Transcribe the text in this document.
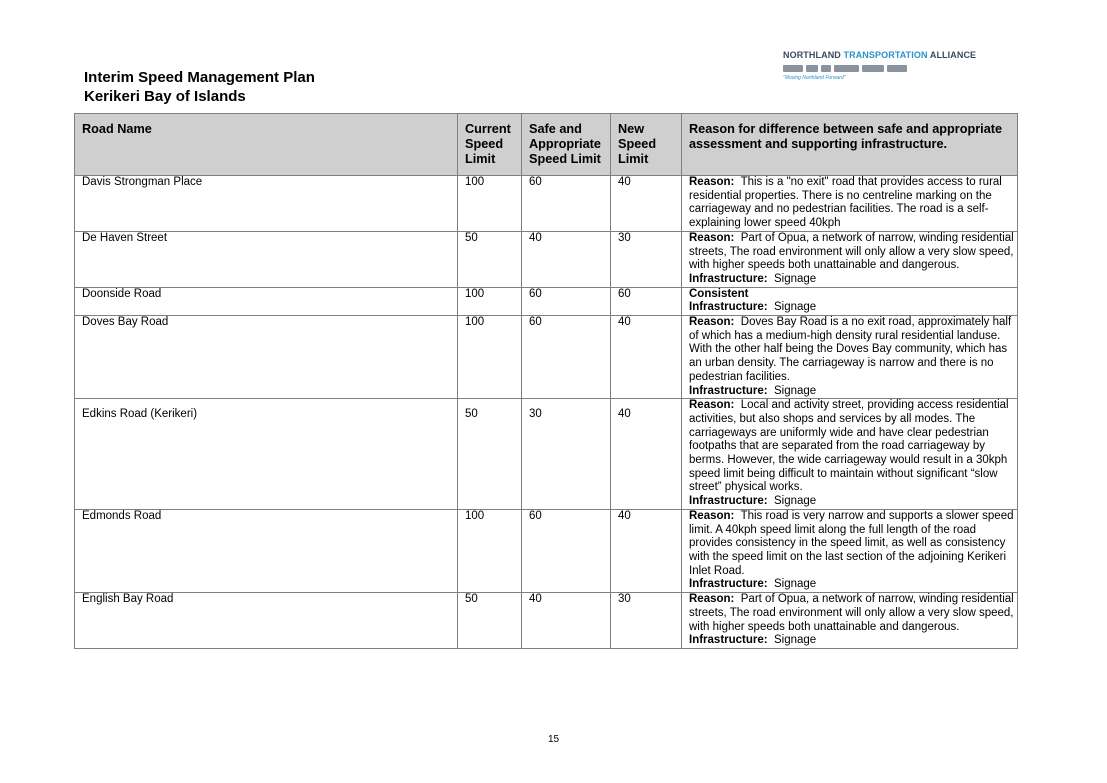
Interim Speed Management Plan
Kerikeri Bay of Islands
NORTHLAND TRANSPORTATION ALLIANCE
"Moving Northland Forward"
Road Name	Current Speed Limit	Safe and Appropriate Speed Limit	New Speed Limit	Reason for difference between safe and appropriate assessment and supporting infrastructure.
Davis Strongman Place	100	60	40	Reason: This is a "no exit" road that provides access to rural residential properties. There is no centreline marking on the carriageway and no pedestrian facilities. The road is a self-explaining lower speed 40kph
De Haven Street	50	40	30	Reason: Part of Opua, a network of narrow, winding residential streets, The road environment will only allow a very slow speed, with higher speeds both unattainable and dangerous.
Infrastructure: Signage
Doonside Road	100	60	60	Consistent
Infrastructure: Signage
Doves Bay Road	100	60	40	Reason: Doves Bay Road is a no exit road, approximately half of which has a medium-high density rural residential landuse. With the other half being the Doves Bay community, which has an urban density. The carriageway is narrow and there is no pedestrian facilities.
Infrastructure: Signage
Edkins Road (Kerikeri)	50	30	40	Reason: Local and activity street, providing access residential activities, but also shops and services by all modes. The carriageways are uniformly wide and have clear pedestrian footpaths that are separated from the road carriageway by berms. However, the wide carriageway would result in a 30kph speed limit being difficult to maintain without significant “slow street” physical works.
Infrastructure: Signage
Edmonds Road	100	60	40	Reason: This road is very narrow and supports a slower speed limit. A 40kph speed limit along the full length of the road provides consistency in the speed limit, as well as consistency with the speed limit on the last section of the adjoining Kerikeri Inlet Road.
Infrastructure: Signage
English Bay Road	50	40	30	Reason: Part of Opua, a network of narrow, winding residential streets, The road environment will only allow a very slow speed, with higher speeds both unattainable and dangerous.
Infrastructure: Signage
15
